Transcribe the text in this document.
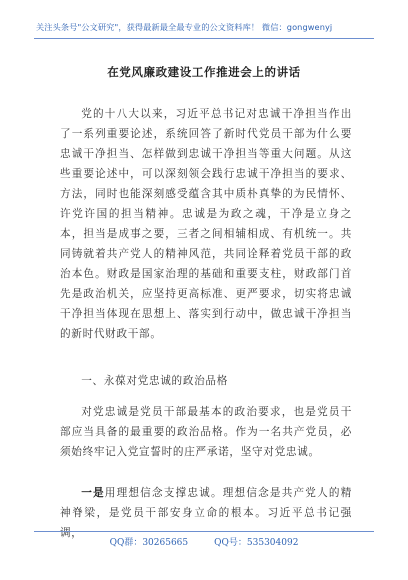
关注头条号"公文研究"，获得最新最全最专业的公文资料库！ 微信：gongwenyj
在党风廉政建设工作推进会上的讲话

党的十八大以来，习近平总书记对忠诚干净担当作出了一系列重要论述，系统回答了新时代党员干部为什么要忠诚干净担当、怎样做到忠诚干净担当等重大问题。从这些重要论述中，可以深刻领会践行忠诚干净担当的要求、方法，同时也能深刻感受蕴含其中质朴真挚的为民情怀、许党许国的担当精神。忠诚是为政之魂，干净是立身之本，担当是成事之要，三者之间相辅相成、有机统一。共同铸就着共产党人的精神风范，共同诠释着党员干部的政治本色。财政是国家治理的基础和重要支柱，财政部门首先是政治机关，应坚持更高标准、更严要求，切实将忠诚干净担当体现在思想上、落实到行动中，做忠诚干净担当的新时代财政干部。

一、永葆对党忠诚的政治品格

对党忠诚是党员干部最基本的政治要求，也是党员干部应当具备的最重要的政治品格。作为一名共产党员，必须始终牢记入党宣誓时的庄严承诺，坚守对党忠诚。

一是用理想信念支撑忠诚。理想信念是共产党人的精神脊梁，是党员干部安身立命的根本。习近平总书记强调，

QQ群：30265665	QQ号：535304092
